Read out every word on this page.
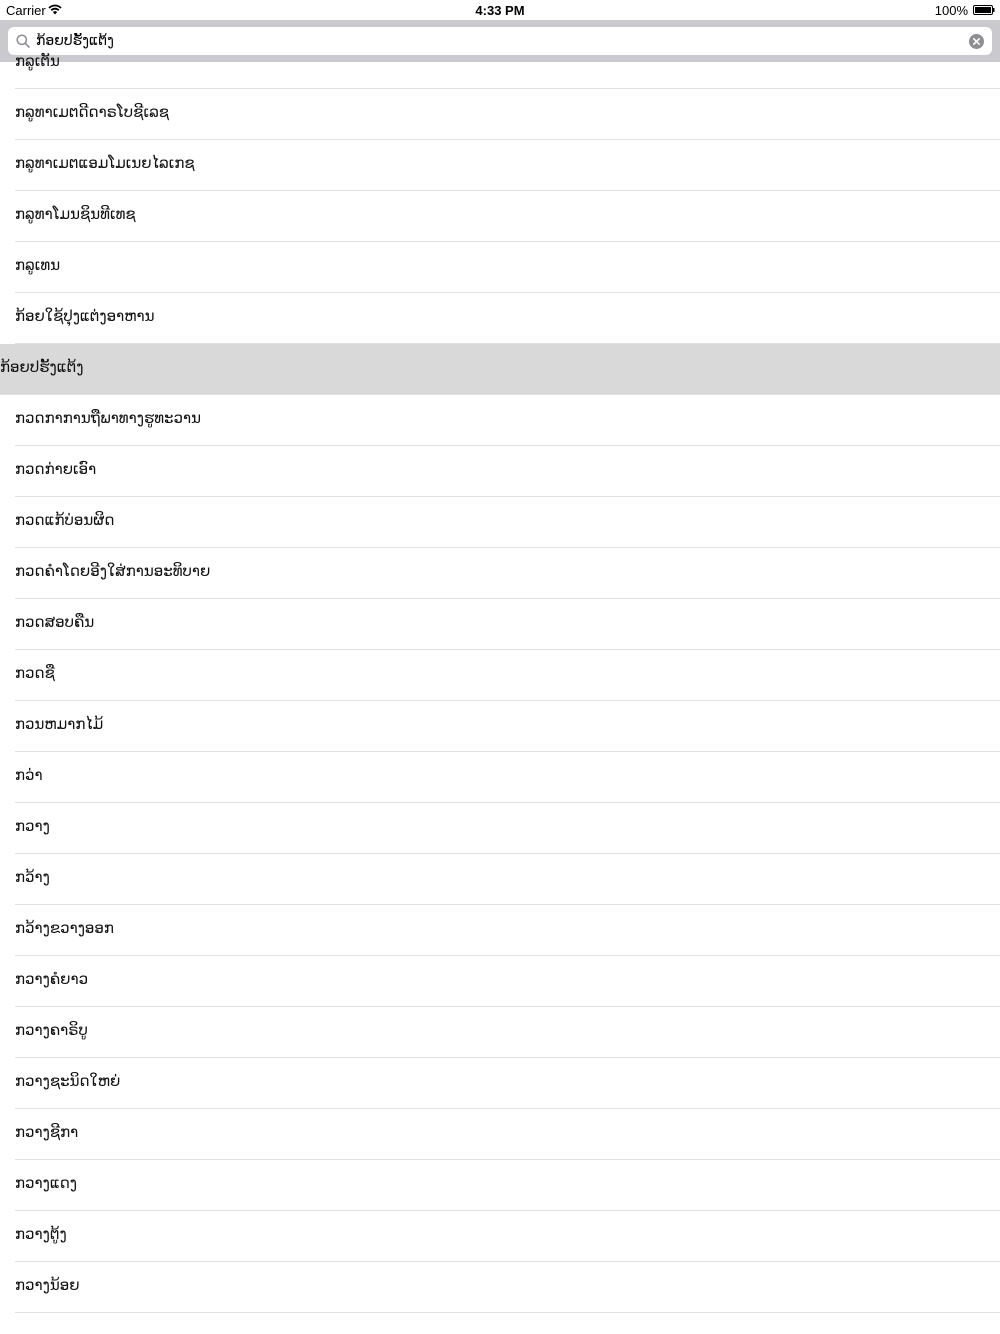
Carrier	4:33 PM	100%
ກ້ອຍປຮັ້ງແຕ້ງ
ກລູເຕັນ
ກລູທາເມຕດີດາຣໂບຊີເລຊ
ກລູທາເມຕແອມໂມເນຍໄລເກຊ
ກລູທາໂມນຊິນທີເທຊ
ກລູເທນ
ກ້ອຍໃຊ້ປຸງແຕ່ງອາຫານ
ກ້ອຍປຮັ້ງແຕ້ງ
ກວດກາການຖືພາທາງຮູທະວານ
ກວດກ່າຍເອົາ
ກວດແກ້ບ່ອນຜິດ
ກວດຄໍາໂດຍອີງໃສ່ການອະທິບາຍ
ກວດສອບຄືນ
ກວດຊື
ກວນຫມາກໄມ້
ກວ່າ
ກວາງ
ກວ້າງ
ກວ້າງຂວາງອອກ
ກວາງຄໍຍາວ
ກວາງຄາຣິບູ
ກວາງຊະນິດໃຫຍ່
ກວາງຊີກາ
ກວາງແດງ
ກວາງຕູ້ງ
ກວາງນ້ອຍ
